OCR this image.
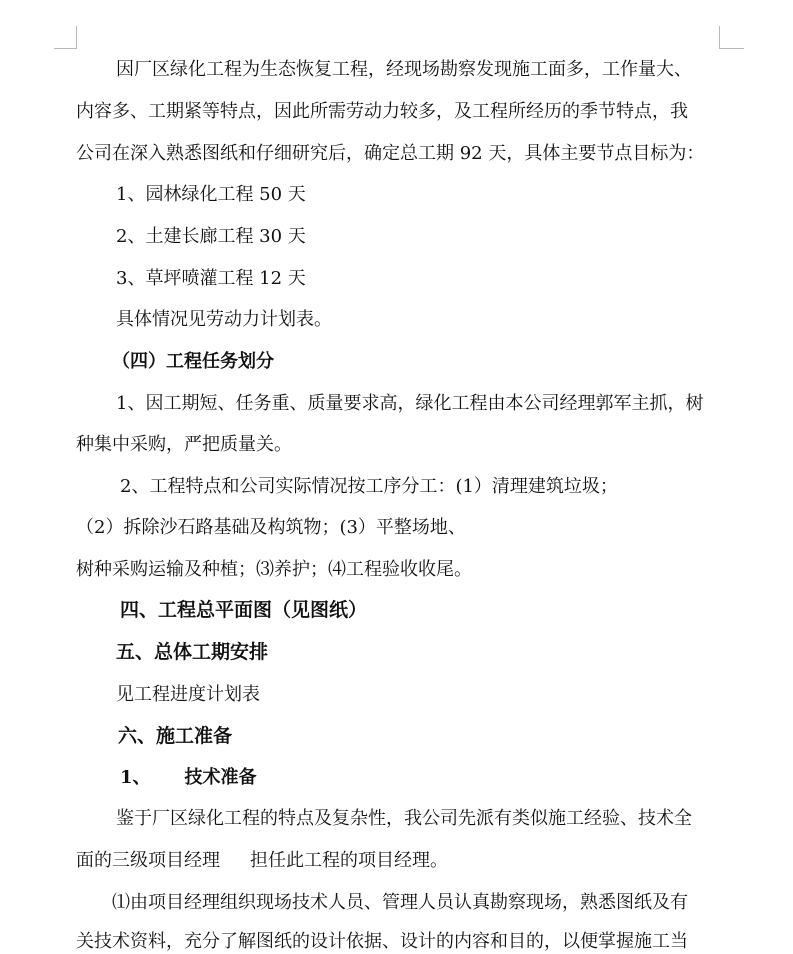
因厂区绿化工程为生态恢复工程，经现场勘察发现施工面多，工作量大、
内容多、工期紧等特点，因此所需劳动力较多，及工程所经历的季节特点，我
公司在深入熟悉图纸和仔细研究后，确定总工期 92 天，具体主要节点目标为：
1、园林绿化工程 50 天
2、土建长廊工程 30 天
3、草坪喷灌工程 12 天
具体情况见劳动力计划表。
（四）工程任务划分
1、因工期短、任务重、质量要求高，绿化工程由本公司经理郭军主抓，树
种集中采购，严把质量关。
2、工程特点和公司实际情况按工序分工：(1）清理建筑垃圾；
（2）拆除沙石路基础及构筑物；(3）平整场地、
树种采购运输及种植；⑶养护；⑷工程验收收尾。
四、工程总平面图（见图纸）
五、总体工期安排
见工程进度计划表
六、施工准备
1、 技术准备
鉴于厂区绿化工程的特点及复杂性，我公司先派有类似施工经验、技术全
面的三级项目经理 担任此工程的项目经理。
⑴由项目经理组织现场技术人员、管理人员认真勘察现场，熟悉图纸及有
关技术资料，充分了解图纸的设计依据、设计的内容和目的，以便掌握施工当
